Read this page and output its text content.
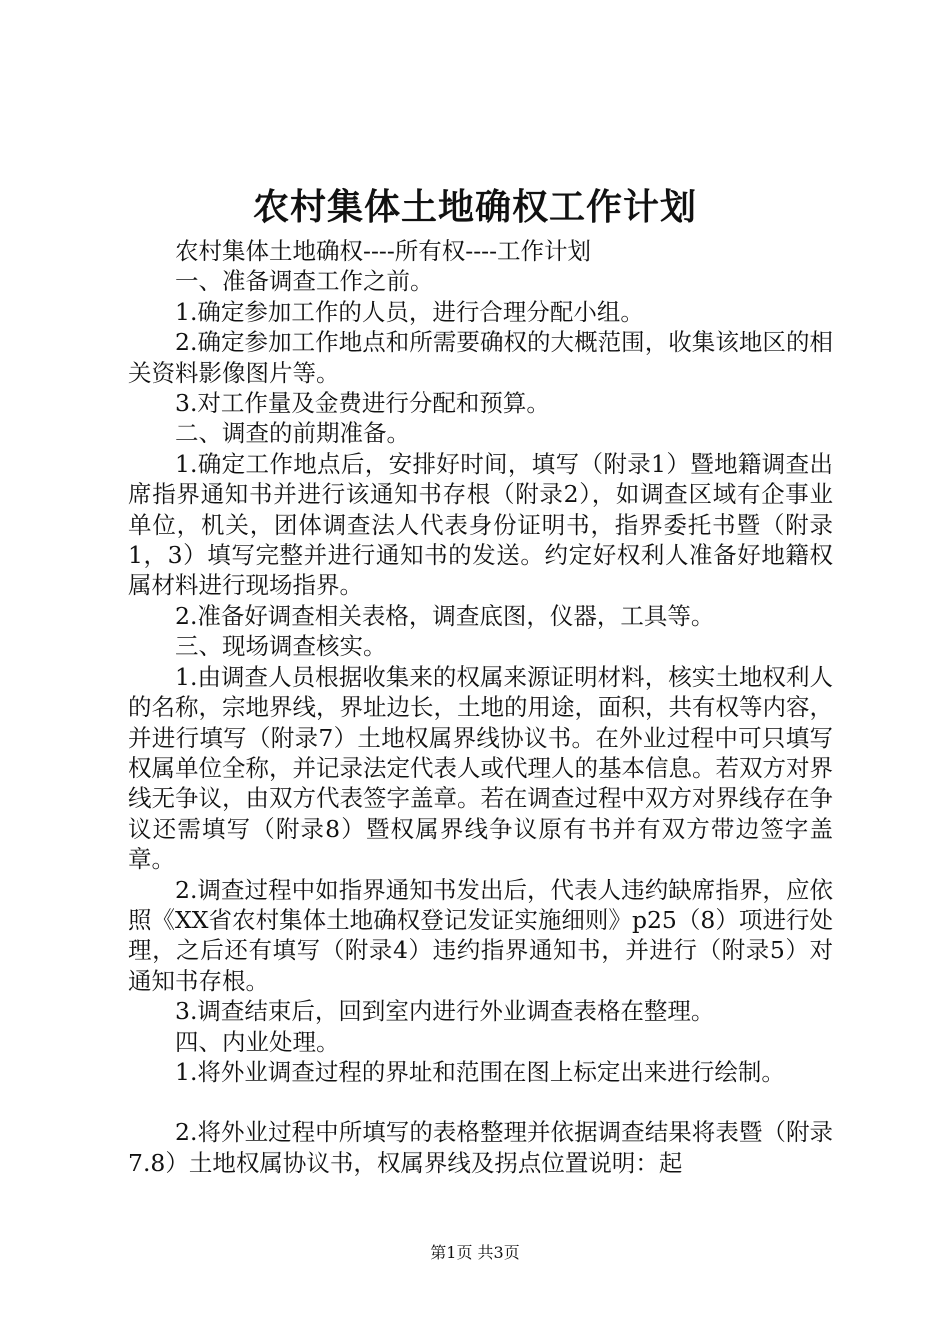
农村集体土地确权工作计划

农村集体土地确权----所有权----工作计划

一、准备调查工作之前。

1.确定参加工作的人员，进行合理分配小组。

2.确定参加工作地点和所需要确权的大概范围，收集该地区的相关资料影像图片等。

3.对工作量及金费进行分配和预算。

二、调查的前期准备。

1.确定工作地点后，安排好时间，填写（附录1）暨地籍调查出席指界通知书并进行该通知书存根（附录2），如调查区域有企事业单位，机关，团体调查法人代表身份证明书，指界委托书暨（附录1，3）填写完整并进行通知书的发送。约定好权利人准备好地籍权属材料进行现场指界。

2.准备好调查相关表格，调查底图，仪器，工具等。

三、现场调查核实。

1.由调查人员根据收集来的权属来源证明材料，核实土地权利人的名称，宗地界线，界址边长，土地的用途，面积，共有权等内容，并进行填写（附录7）土地权属界线协议书。在外业过程中可只填写权属单位全称，并记录法定代表人或代理人的基本信息。若双方对界线无争议，由双方代表签字盖章。若在调查过程中双方对界线存在争议还需填写（附录8）暨权属界线争议原有书并有双方带边签字盖章。

2.调查过程中如指界通知书发出后，代表人违约缺席指界，应依照《XX省农村集体土地确权登记发证实施细则》p25（8）项进行处理，之后还有填写（附录4）违约指界通知书，并进行（附录5）对通知书存根。

3.调查结束后，回到室内进行外业调查表格在整理。

四、内业处理。

1.将外业调查过程的界址和范围在图上标定出来进行绘制。

2.将外业过程中所填写的表格整理并依据调查结果将表暨（附录7.8）土地权属协议书，权属界线及拐点位置说明：起

第1页 共3页
